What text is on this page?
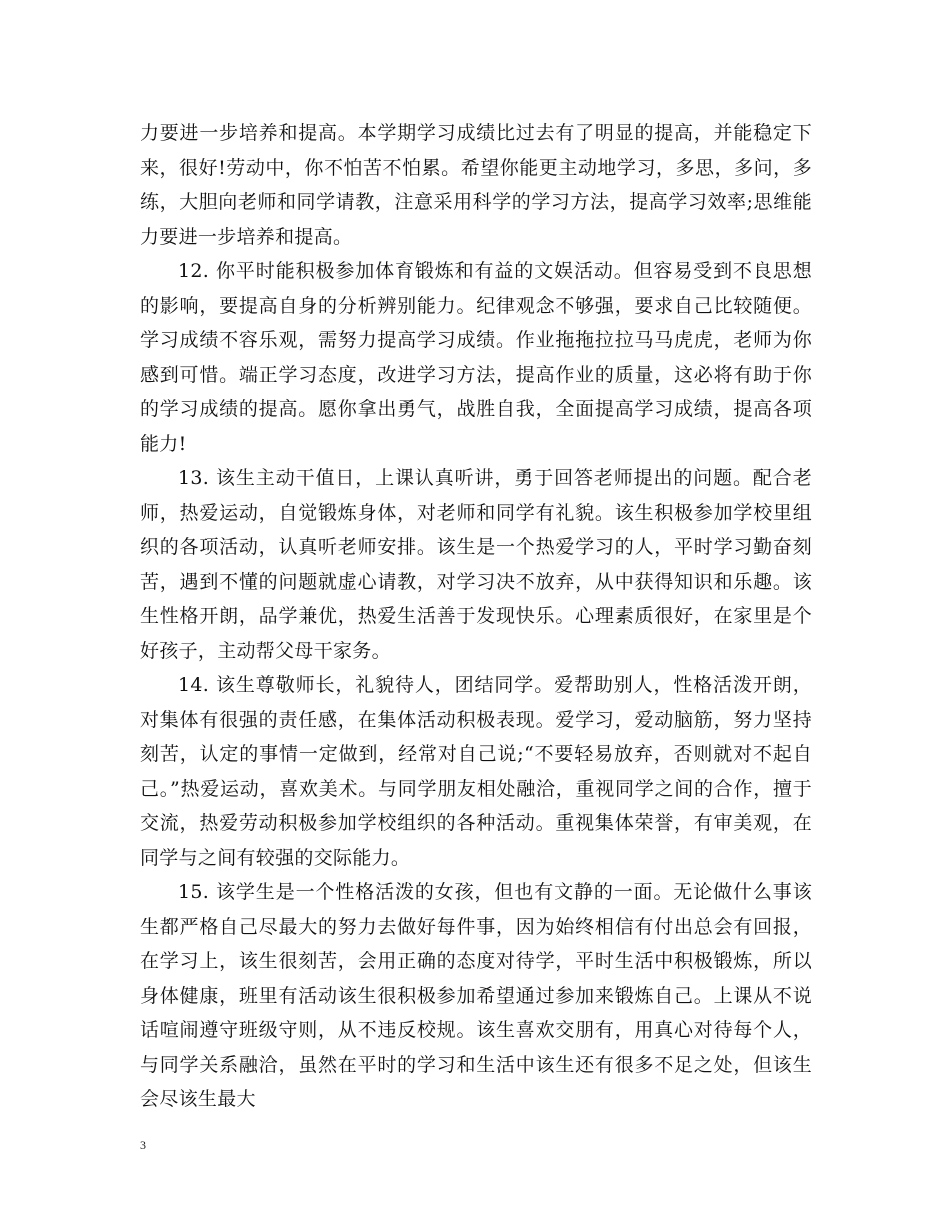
力要进一步培养和提高。本学期学习成绩比过去有了明显的提高，并能稳定下来，很好!劳动中，你不怕苦不怕累。希望你能更主动地学习，多思，多问，多练，大胆向老师和同学请教，注意采用科学的学习方法，提高学习效率;思维能力要进一步培养和提高。

12. 你平时能积极参加体育锻炼和有益的文娱活动。但容易受到不良思想的影响，要提高自身的分析辨别能力。纪律观念不够强，要求自己比较随便。学习成绩不容乐观，需努力提高学习成绩。作业拖拖拉拉马马虎虎，老师为你感到可惜。端正学习态度，改进学习方法，提高作业的质量，这必将有助于你的学习成绩的提高。愿你拿出勇气，战胜自我，全面提高学习成绩，提高各项能力!

13. 该生主动干值日，上课认真听讲，勇于回答老师提出的问题。配合老师，热爱运动，自觉锻炼身体，对老师和同学有礼貌。该生积极参加学校里组织的各项活动，认真听老师安排。该生是一个热爱学习的人，平时学习勤奋刻苦，遇到不懂的问题就虚心请教，对学习决不放弃，从中获得知识和乐趣。该生性格开朗，品学兼优，热爱生活善于发现快乐。心理素质很好，在家里是个好孩子，主动帮父母干家务。

14. 该生尊敬师长，礼貌待人，团结同学。爱帮助别人，性格活泼开朗，对集体有很强的责任感，在集体活动积极表现。爱学习，爱动脑筋，努力坚持刻苦，认定的事情一定做到，经常对自己说;“不要轻易放弃，否则就对不起自己。”热爱运动，喜欢美术。与同学朋友相处融洽，重视同学之间的合作，擅于交流，热爱劳动积极参加学校组织的各种活动。重视集体荣誉，有审美观，在同学与之间有较强的交际能力。

15. 该学生是一个性格活泼的女孩，但也有文静的一面。无论做什么事该生都严格自己尽最大的努力去做好每件事，因为始终相信有付出总会有回报，在学习上，该生很刻苦，会用正确的态度对待学，平时生活中积极锻炼，所以身体健康，班里有活动该生很积极参加希望通过参加来锻炼自己。上课从不说话喧闹遵守班级守则，从不违反校规。该生喜欢交朋有，用真心对待每个人，与同学关系融洽，虽然在平时的学习和生活中该生还有很多不足之处，但该生会尽该生最大

3
